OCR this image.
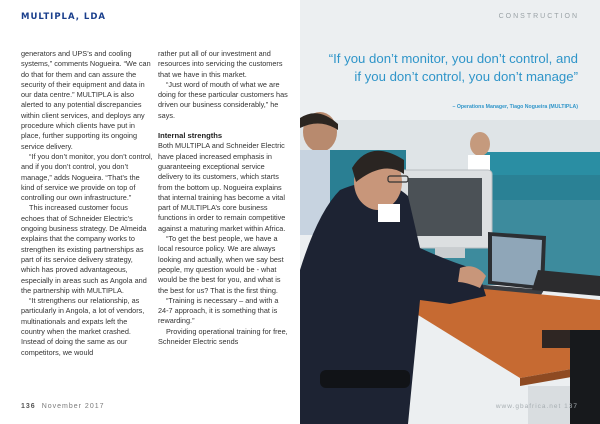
MULTIPLA, LDA

generators and UPS’s and cooling systems,” comments Nogueira. “We can do that for them and can assure the security of their equipment and data in our data centre.” MULTIPLA is also alerted to any potential discrepancies within client services, and deploys any procedure which clients have put in place, further supporting its ongoing service delivery.

“If you don’t monitor, you don’t control, and if you don’t control, you don’t manage,” adds Nogueira. “That’s the kind of service we provide on top of controlling our own infrastructure.”

This increased customer focus echoes that of Schneider Electric’s ongoing business strategy. De Almeida explains that the company works to strengthen its existing partnerships as part of its service delivery strategy, which has proved advantageous, especially in areas such as Angola and the partnership with MULTIPLA.

“It strengthens our relationship, as particularly in Angola, a lot of vendors, multinationals and expats left the country when the market crashed. Instead of doing the same as our competitors, we would

rather put all of our investment and resources into servicing the customers that we have in this market.

“Just word of mouth of what we are doing for these particular customers has driven our business considerably,” he says.

Internal strengths

Both MULTIPLA and Schneider Electric have placed increased emphasis in guaranteeing exceptional service delivery to its customers, which starts from the bottom up. Nogueira explains that internal training has become a vital part of MULTIPLA’s core business functions in order to remain competitive against a maturing market within Africa.

“To get the best people, we have a local resource policy. We are always looking and actually, when we say best people, my question would be - what would be the best for you, and what is the best for us? That is the first thing.

“Training is necessary – and with a 24-7 approach, it is something that is rewarding.”

Providing operational training for free, Schneider Electric sends

136 November 2017
CONSTRUCTION
“If you don’t monitor, you don’t control, and if you don’t control, you don’t manage”
– Operations Manager, Tiago Nogueira (MULTIPLA)
www.gbafrica.net 137
